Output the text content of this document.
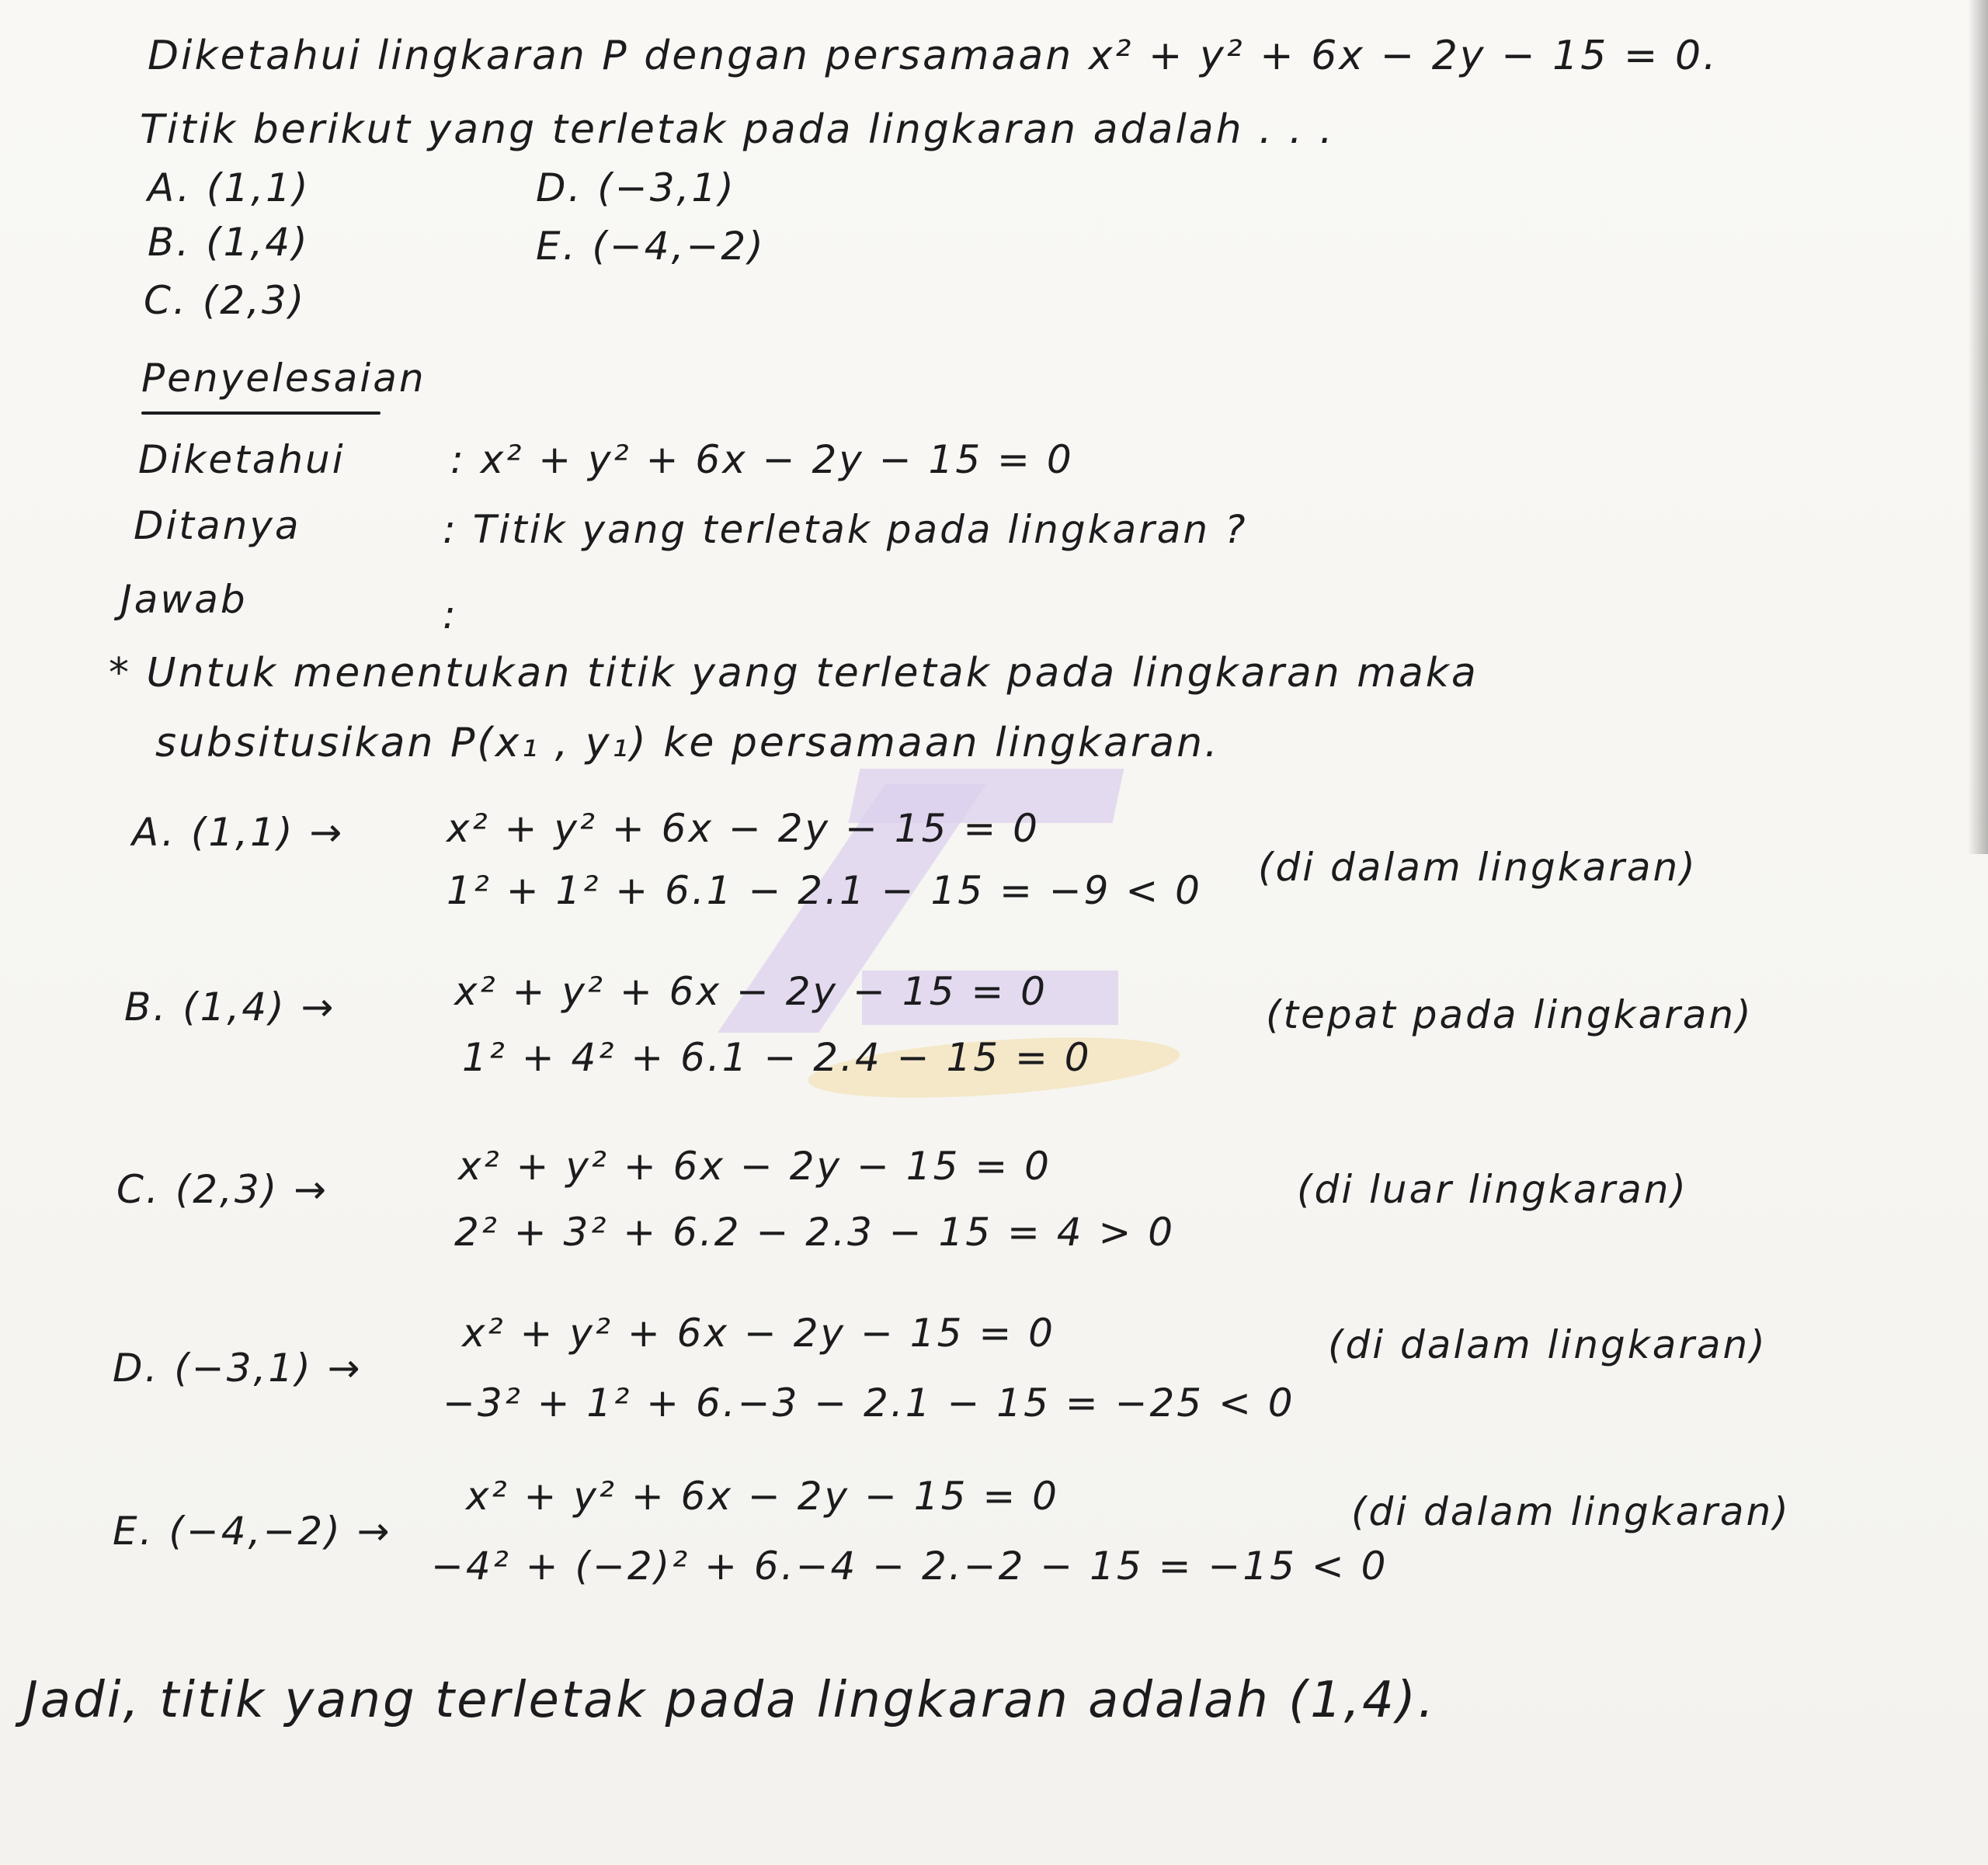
Diketahui lingkaran P dengan persamaan x² + y² + 6x − 2y − 15 = 0.
Titik berikut yang terletak pada lingkaran adalah . . .
A. (1,1)	D. (−3,1)
B. (1,4)	E. (−4,−2)
C. (2,3)
Penyelesaian
Diketahui	: x² + y² + 6x − 2y − 15 = 0
Ditanya	: Titik yang terletak pada lingkaran ?
Jawab	:
* Untuk menentukan titik yang terletak pada lingkaran maka
subsitusikan P(x₁ , y₁) ke persamaan lingkaran.
A. (1,1) →	x² + y² + 6x − 2y − 15 = 0
1² + 1² + 6.1 − 2.1 − 15 = −9 < 0
(di dalam lingkaran)
B. (1,4) →	x² + y² + 6x − 2y − 15 = 0
1² + 4² + 6.1 − 2.4 − 15 = 0
(tepat pada lingkaran)
C. (2,3) →
x² + y² + 6x − 2y − 15 = 0
2² + 3² + 6.2 − 2.3 − 15 = 4 > 0
(di luar lingkaran)
D. (−3,1) →
x² + y² + 6x − 2y − 15 = 0
−3² + 1² + 6.−3 − 2.1 − 15 = −25 < 0
(di dalam lingkaran)
E. (−4,−2) →
x² + y² + 6x − 2y − 15 = 0
−4² + (−2)² + 6.−4 − 2.−2 − 15 = −15 < 0
(di dalam lingkaran)
Jadi, titik yang terletak pada lingkaran adalah (1,4).
